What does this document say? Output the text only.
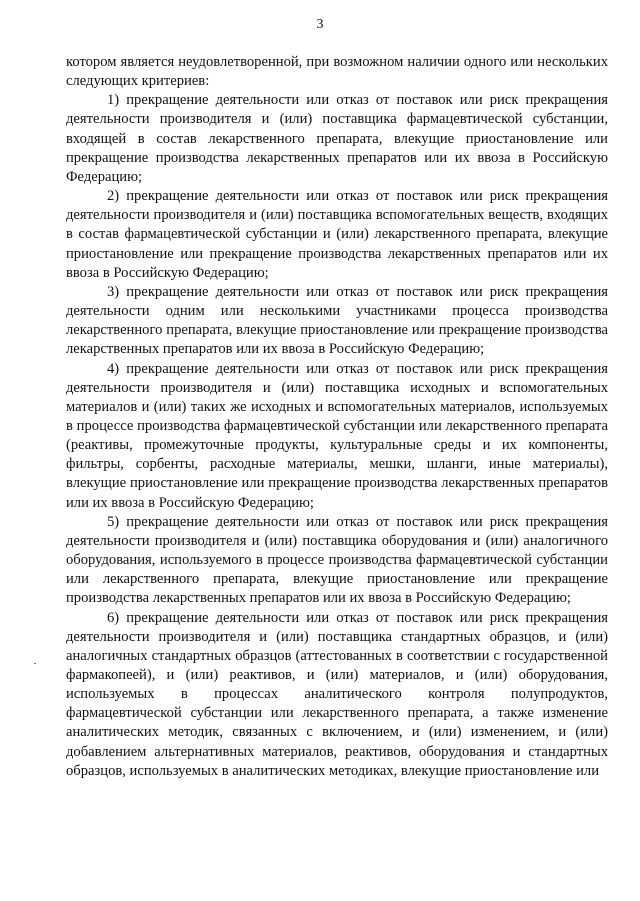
3

котором является неудовлетворенной, при возможном наличии одного или нескольких следующих критериев:

1) прекращение деятельности или отказ от поставок или риск прекращения деятельности производителя и (или) поставщика фармацевтической субстанции, входящей в состав лекарственного препарата, влекущие приостановление или прекращение производства лекарственных препаратов или их ввоза в Российскую Федерацию;

2) прекращение деятельности или отказ от поставок или риск прекращения деятельности производителя и (или) поставщика вспомогательных веществ, входящих в состав фармацевтической субстанции и (или) лекарственного препарата, влекущие приостановление или прекращение производства лекарственных препаратов или их ввоза в Российскую Федерацию;

3) прекращение деятельности или отказ от поставок или риск прекращения деятельности одним или несколькими участниками процесса производства лекарственного препарата, влекущие приостановление или прекращение производства лекарственных препаратов или их ввоза в Российскую Федерацию;

4) прекращение деятельности или отказ от поставок или риск прекращения деятельности производителя и (или) поставщика исходных и вспомогательных материалов и (или) таких же исходных и вспомогательных материалов, используемых в процессе производства фармацевтической субстанции или лекарственного препарата (реактивы, промежуточные продукты, культуральные среды и их компоненты, фильтры, сорбенты, расходные материалы, мешки, шланги, иные материалы), влекущие приостановление или прекращение производства лекарственных препаратов или их ввоза в Российскую Федерацию;

5) прекращение деятельности или отказ от поставок или риск прекращения деятельности производителя и (или) поставщика оборудования и (или) аналогичного оборудования, используемого в процессе производства фармацевтической субстанции или лекарственного препарата, влекущие приостановление или прекращение производства лекарственных препаратов или их ввоза в Российскую Федерацию;

6) прекращение деятельности или отказ от поставок или риск прекращения деятельности производителя и (или) поставщика стандартных образцов, и (или) аналогичных стандартных образцов (аттестованных в соответствии с государственной фармакопеей), и (или) реактивов, и (или) материалов, и (или) оборудования, используемых в процессах аналитического контроля полупродуктов, фармацевтической субстанции или лекарственного препарата, а также изменение аналитических методик, связанных с включением, и (или) изменением, и (или) добавлением альтернативных материалов, реактивов, оборудования и стандартных образцов, используемых в аналитических методиках, влекущие приостановление или
